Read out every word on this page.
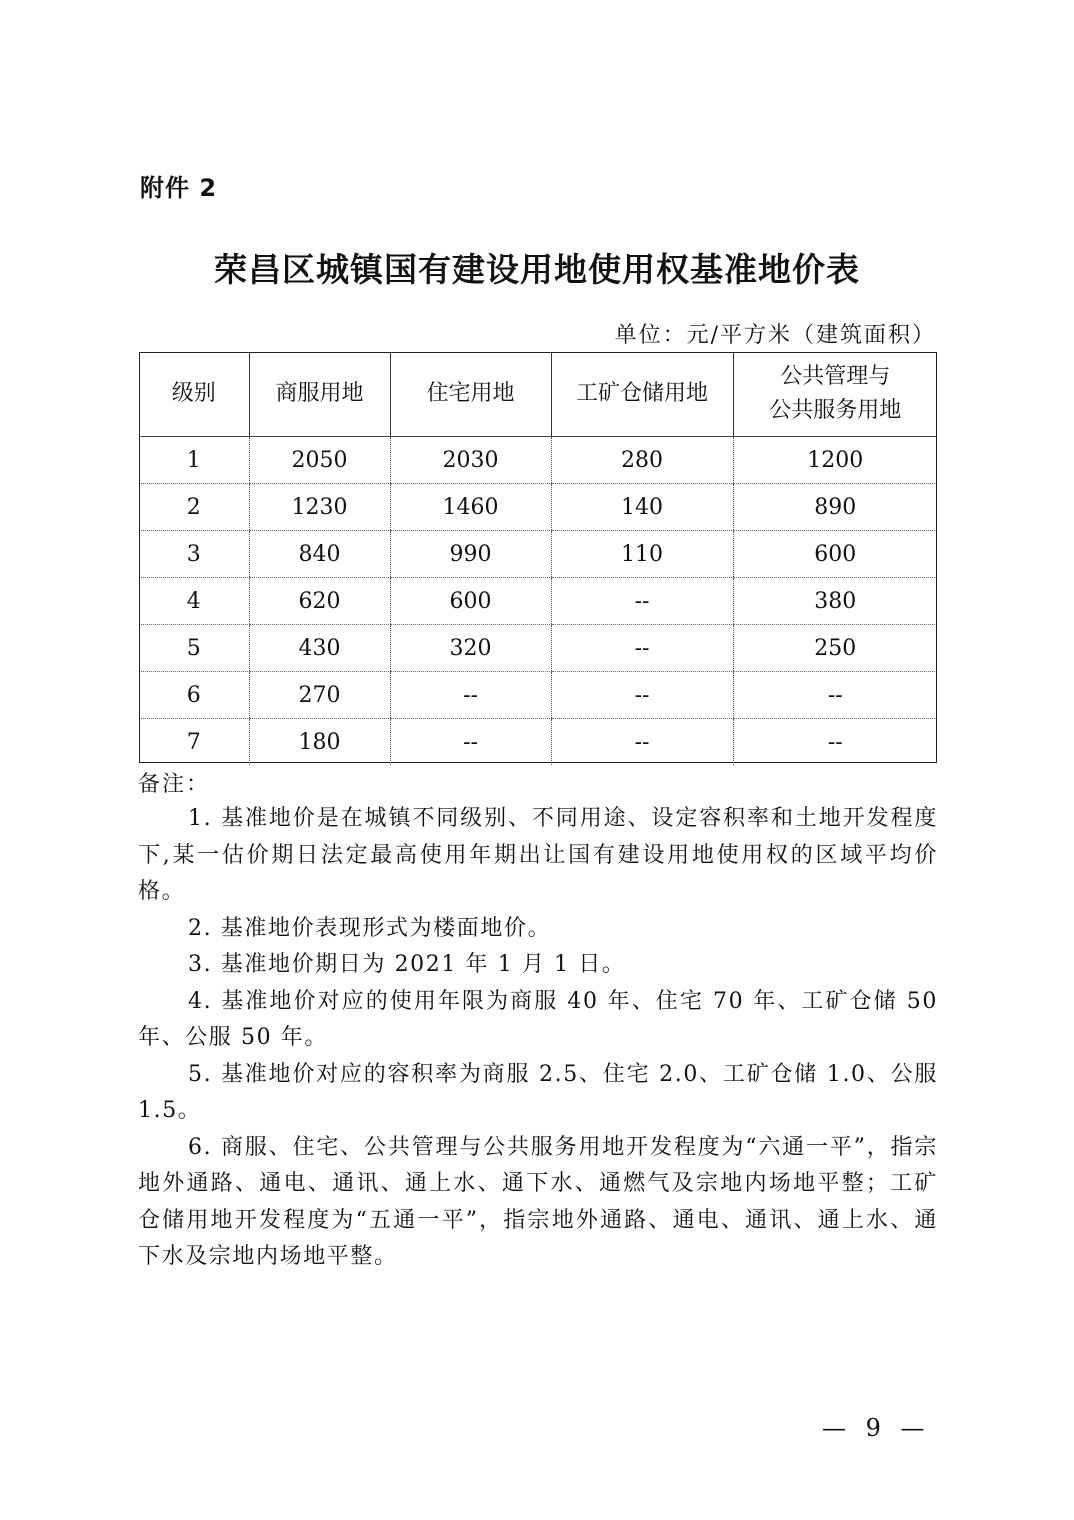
附件 2
荣昌区城镇国有建设用地使用权基准地价表
单位：元/平方米（建筑面积）
级别	商服用地	住宅用地	工矿仓储用地	公共管理与
公共服务用地
1	2050	2030	280	1200
2	1230	1460	140	890
3	840	990	110	600
4	620	600	--	380
5	430	320	--	250
6	270	--	--	--
7	180	--	--	--
备注：

1. 基准地价是在城镇不同级别、不同用途、设定容积率和土地开发程度下,某一估价期日法定最高使用年期出让国有建设用地使用权的区域平均价格。

2. 基准地价表现形式为楼面地价。

3. 基准地价期日为 2021 年 1 月 1 日。

4. 基准地价对应的使用年限为商服 40 年、住宅 70 年、工矿仓储 50 年、公服 50 年。

5. 基准地价对应的容积率为商服 2.5、住宅 2.0、工矿仓储 1.0、公服 1.5。

6. 商服、住宅、公共管理与公共服务用地开发程度为“六通一平”，指宗地外通路、通电、通讯、通上水、通下水、通燃气及宗地内场地平整；工矿仓储用地开发程度为“五通一平”，指宗地外通路、通电、通讯、通上水、通下水及宗地内场地平整。

— 9 —
